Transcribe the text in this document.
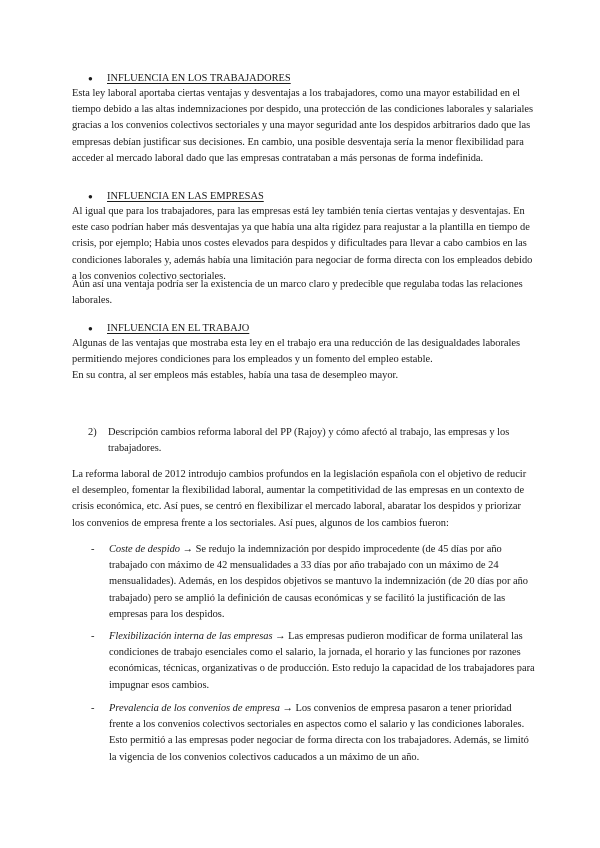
●	INFLUENCIA EN LOS TRABAJADORES

Esta ley laboral aportaba ciertas ventajas y desventajas a los trabajadores, como una mayor estabilidad en el tiempo debido a las altas indemnizaciones por despido, una protección de las condiciones laborales y salariales gracias a los convenios colectivos sectoriales y una mayor seguridad ante los despidos arbitrarios dado que las empresas debían justificar sus decisiones. En cambio, una posible desventaja sería la menor flexibilidad para acceder al mercado laboral dado que las empresas contrataban a más personas de forma indefinida.

●	INFLUENCIA EN LAS EMPRESAS

Al igual que para los trabajadores, para las empresas está ley también tenía ciertas ventajas y desventajas. En este caso podrían haber más desventajas ya que había una alta rigidez para reajustar a la plantilla en tiempo de crisis, por ejemplo; Habia unos costes elevados para despidos y dificultades para llevar a cabo cambios en las condiciones laborales y, además había una limitación para negociar de forma directa con los empleados debido a los convenios colectivo sectoriales.

Aún así una ventaja podría ser la existencia de un marco claro y predecible que regulaba todas las relaciones laborales.

●	INFLUENCIA EN EL TRABAJO

Algunas de las ventajas que mostraba esta ley en el trabajo era una reducción de las desigualdades laborales permitiendo mejores condiciones para los empleados y un fomento del empleo estable.

En su contra, al ser empleos más estables, había una tasa de desempleo mayor.

2)	Descripción cambios reforma laboral del PP (Rajoy) y cómo afectó al trabajo, las empresas y los trabajadores.

La reforma laboral de 2012 introdujo cambios profundos en la legislación española con el objetivo de reducir el desempleo, fomentar la flexibilidad laboral, aumentar la competitividad de las empresas en un contexto de crisis económica, etc. Así pues, se centró en flexibilizar el mercado laboral, abaratar los despidos y priorizar los convenios de empresa frente a los sectoriales. Así pues, algunos de los cambios fueron:

-	Coste de despido → Se redujo la indemnización por despido improcedente (de 45 días por año trabajado con máximo de 42 mensualidades a 33 días por año trabajado con un máximo de 24 mensualidades). Además, en los despidos objetivos se mantuvo la indemnización (de 20 días por año trabajado) pero se amplió la definición de causas económicas y se facilitó la justificación de las empresas para los despidos.
-	Flexibilización interna de las empresas → Las empresas pudieron modificar de forma unilateral las condiciones de trabajo esenciales como el salario, la jornada, el horario y las funciones por razones económicas, técnicas, organizativas o de producción. Esto redujo la capacidad de los trabajadores para impugnar esos cambios.
-	Prevalencia de los convenios de empresa → Los convenios de empresa pasaron a tener prioridad frente a los convenios colectivos sectoriales en aspectos como el salario y las condiciones laborales. Esto permitió a las empresas poder negociar de forma directa con los trabajadores. Además, se limitó la vigencia de los convenios colectivos caducados a un máximo de un año.
